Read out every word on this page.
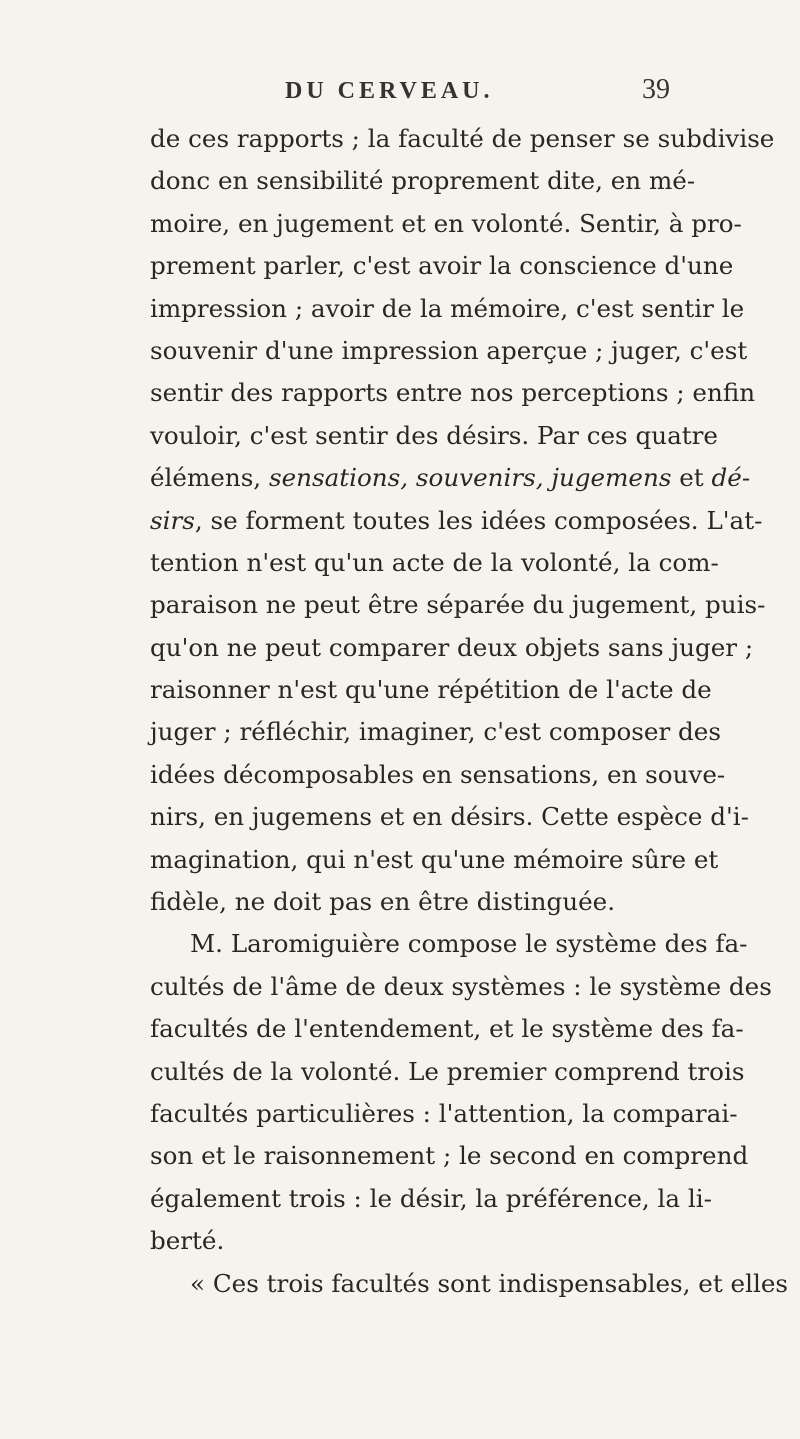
DU CERVEAU.	39
de ces rapports ; la faculté de penser se subdivise
donc en sensibilité proprement dite, en mé-
moire, en jugement et en volonté. Sentir, à pro-
prement parler, c'est avoir la conscience d'une
impression ; avoir de la mémoire, c'est sentir le
souvenir d'une impression aperçue ; juger, c'est
sentir des rapports entre nos perceptions ; enfin
vouloir, c'est sentir des désirs. Par ces quatre
élémens, sensations, souvenirs, jugemens et dé-
sirs, se forment toutes les idées composées. L'at-
tention n'est qu'un acte de la volonté, la com-
paraison ne peut être séparée du jugement, puis-
qu'on ne peut comparer deux objets sans juger ;
raisonner n'est qu'une répétition de l'acte de
juger ; réfléchir, imaginer, c'est composer des
idées décomposables en sensations, en souve-
nirs, en jugemens et en désirs. Cette espèce d'i-
magination, qui n'est qu'une mémoire sûre et
fidèle, ne doit pas en être distinguée.
M. Laromiguière compose le système des fa-
cultés de l'âme de deux systèmes : le système des
facultés de l'entendement, et le système des fa-
cultés de la volonté. Le premier comprend trois
facultés particulières : l'attention, la comparai-
son et le raisonnement ; le second en comprend
également trois : le désir, la préférence, la li-
berté.
« Ces trois facultés sont indispensables, et elles
